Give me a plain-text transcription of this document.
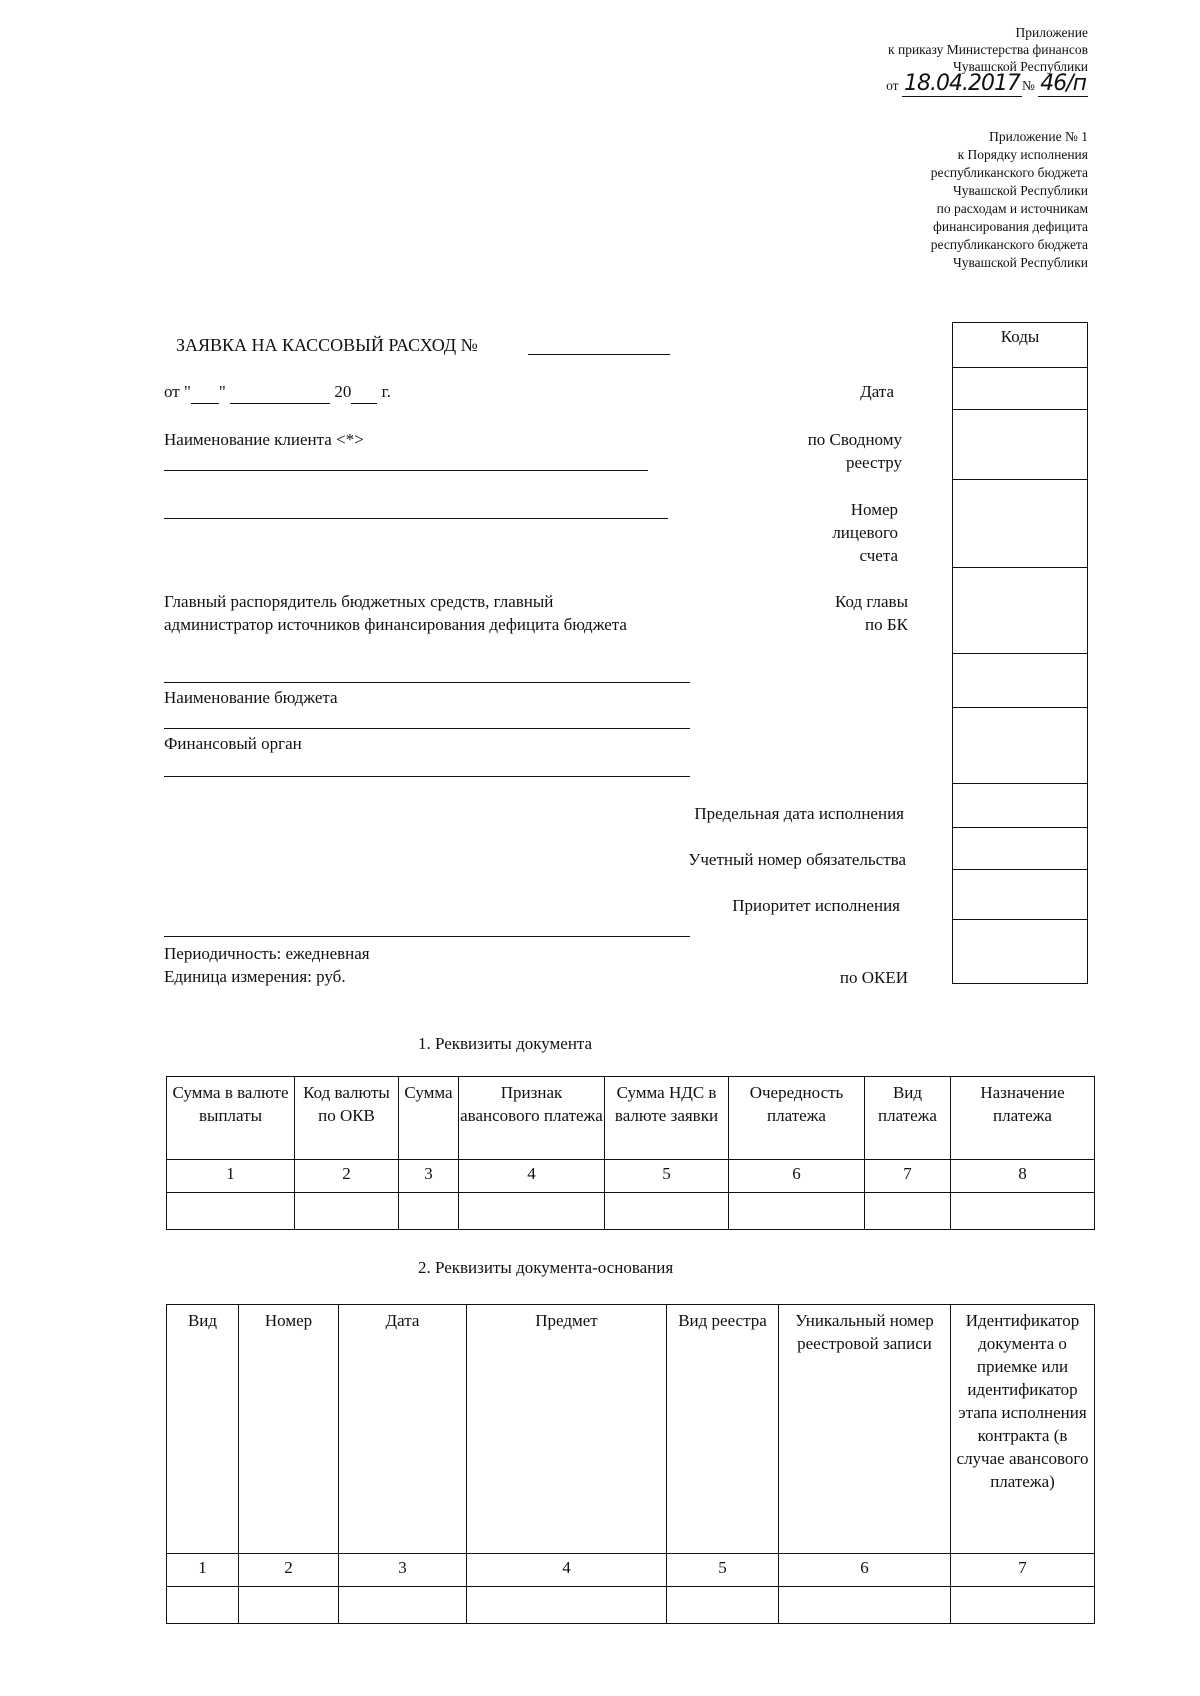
Приложение
к приказу Министерства финансов
Чувашской Республики
от 18.04.2017 № 46/п
Приложение № 1
к Порядку исполнения
республиканского бюджета
Чувашской Республики
по расходам и источникам
финансирования дефицита
республиканского бюджета
Чувашской Республики
ЗАЯВКА НА КАССОВЫЙ РАСХОД №
от " "	20 г.
Наименование клиента <*>
Главный распорядитель бюджетных средств, главный администратор источников финансирования дефицита бюджета
Наименование бюджета
Финансовый орган
Периодичность: ежедневная
Единица измерения: руб.
Дата
по Сводному
реестру
Номер
лицевого
счета
Код главы
по БК
Предельная дата исполнения
Учетный номер обязательства
Приоритет исполнения
по ОКЕИ
Коды
1. Реквизиты документа
Сумма в валюте выплаты	Код валюты по ОКВ	Сумма	Признак авансового платежа	Сумма НДС в валюте заявки	Очередность платежа	Вид платежа	Назначение платежа
1	2	3	4	5	6	7	8

2. Реквизиты документа-основания
Вид	Номер	Дата	Предмет	Вид реестра	Уникальный номер реестровой записи	Идентификатор документа о приемке или идентификатор этапа исполнения контракта (в случае авансового платежа)
1	2	3	4	5	6	7
